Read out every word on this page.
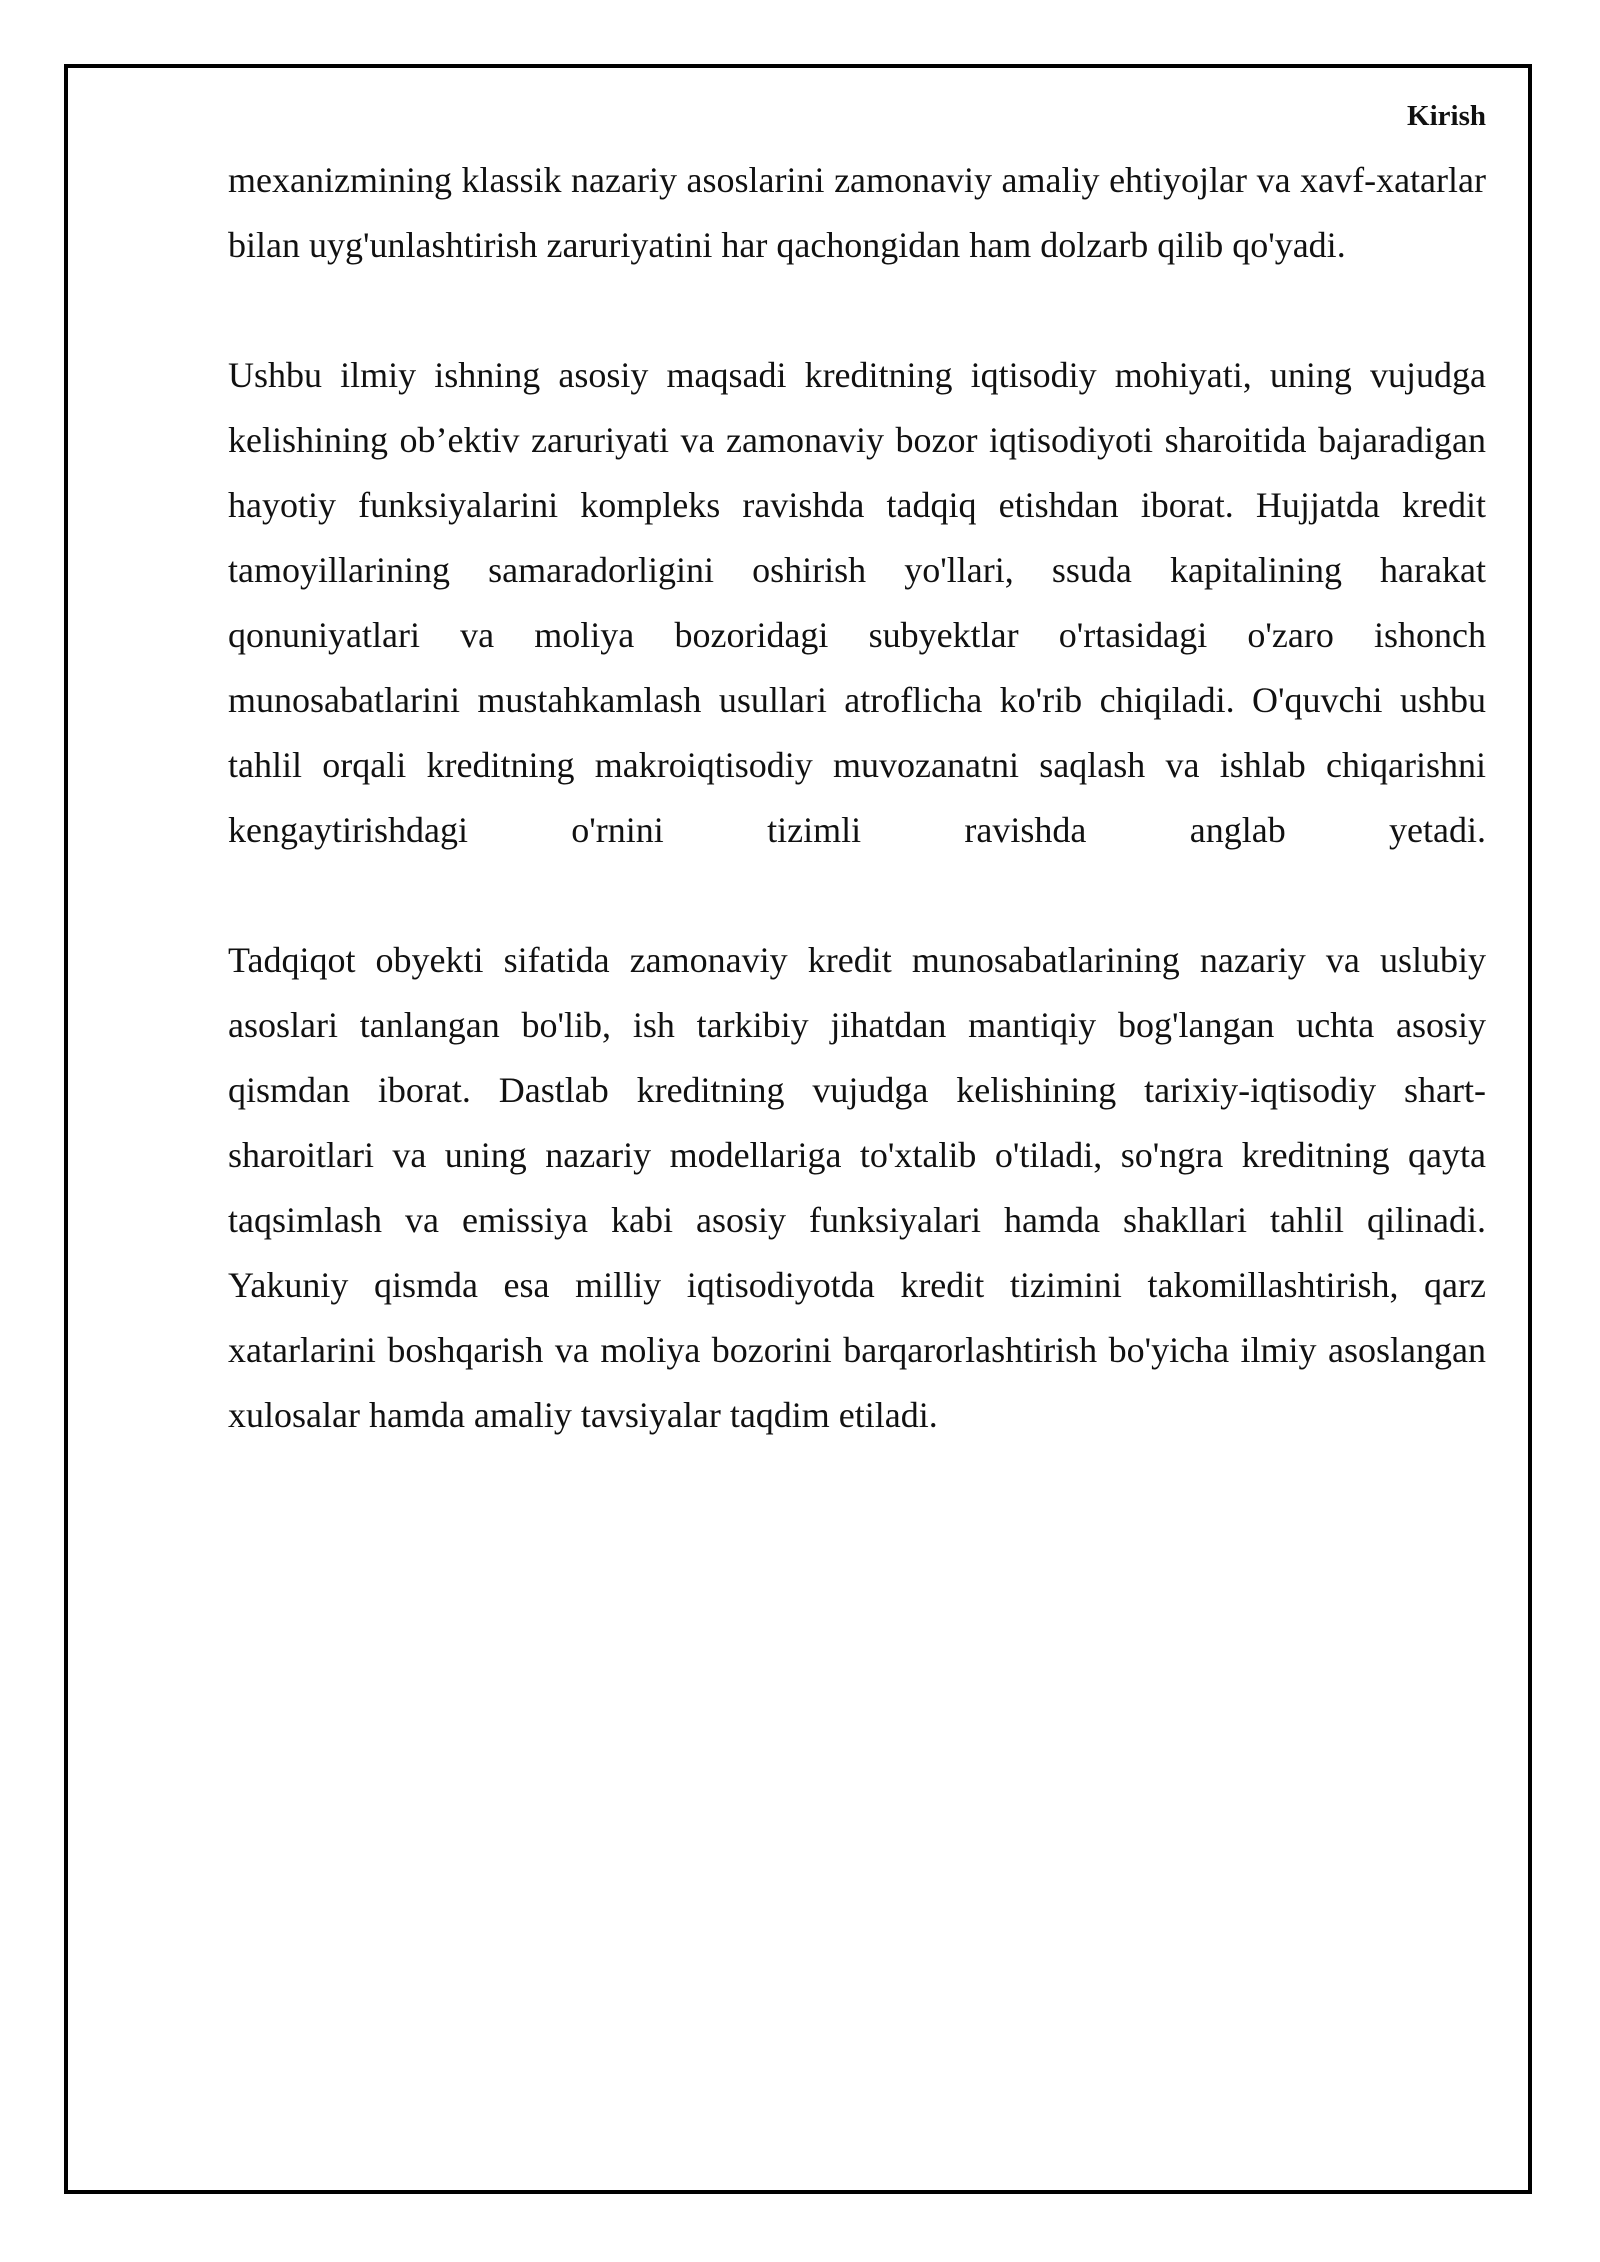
Kirish

mexanizmining klassik nazariy asoslarini zamonaviy amaliy ehtiyojlar va xavf-xatarlar bilan uyg'unlashtirish zaruriyatini har qachongidan ham dolzarb qilib qo'yadi.

Ushbu ilmiy ishning asosiy maqsadi kreditning iqtisodiy mohiyati, uning vujudga kelishining ob’ektiv zaruriyati va zamonaviy bozor iqtisodiyoti sharoitida bajaradigan hayotiy funksiyalarini kompleks ravishda tadqiq etishdan iborat. Hujjatda kredit tamoyillarining samaradorligini oshirish yo'llari, ssuda kapitalining harakat qonuniyatlari va moliya bozoridagi subyektlar o'rtasidagi o'zaro ishonch munosabatlarini mustahkamlash usullari atroflicha ko'rib chiqiladi. O'quvchi ushbu tahlil orqali kreditning makroiqtisodiy muvozanatni saqlash va ishlab chiqarishni kengaytirishdagi o'rnini tizimli ravishda anglab yetadi.

Tadqiqot obyekti sifatida zamonaviy kredit munosabatlarining nazariy va uslubiy asoslari tanlangan bo'lib, ish tarkibiy jihatdan mantiqiy bog'langan uchta asosiy qismdan iborat. Dastlab kreditning vujudga kelishining tarixiy-iqtisodiy shart-sharoitlari va uning nazariy modellariga to'xtalib o'tiladi, so'ngra kreditning qayta taqsimlash va emissiya kabi asosiy funksiyalari hamda shakllari tahlil qilinadi. Yakuniy qismda esa milliy iqtisodiyotda kredit tizimini takomillashtirish, qarz xatarlarini boshqarish va moliya bozorini barqarorlashtirish bo'yicha ilmiy asoslangan xulosalar hamda amaliy tavsiyalar taqdim etiladi.
